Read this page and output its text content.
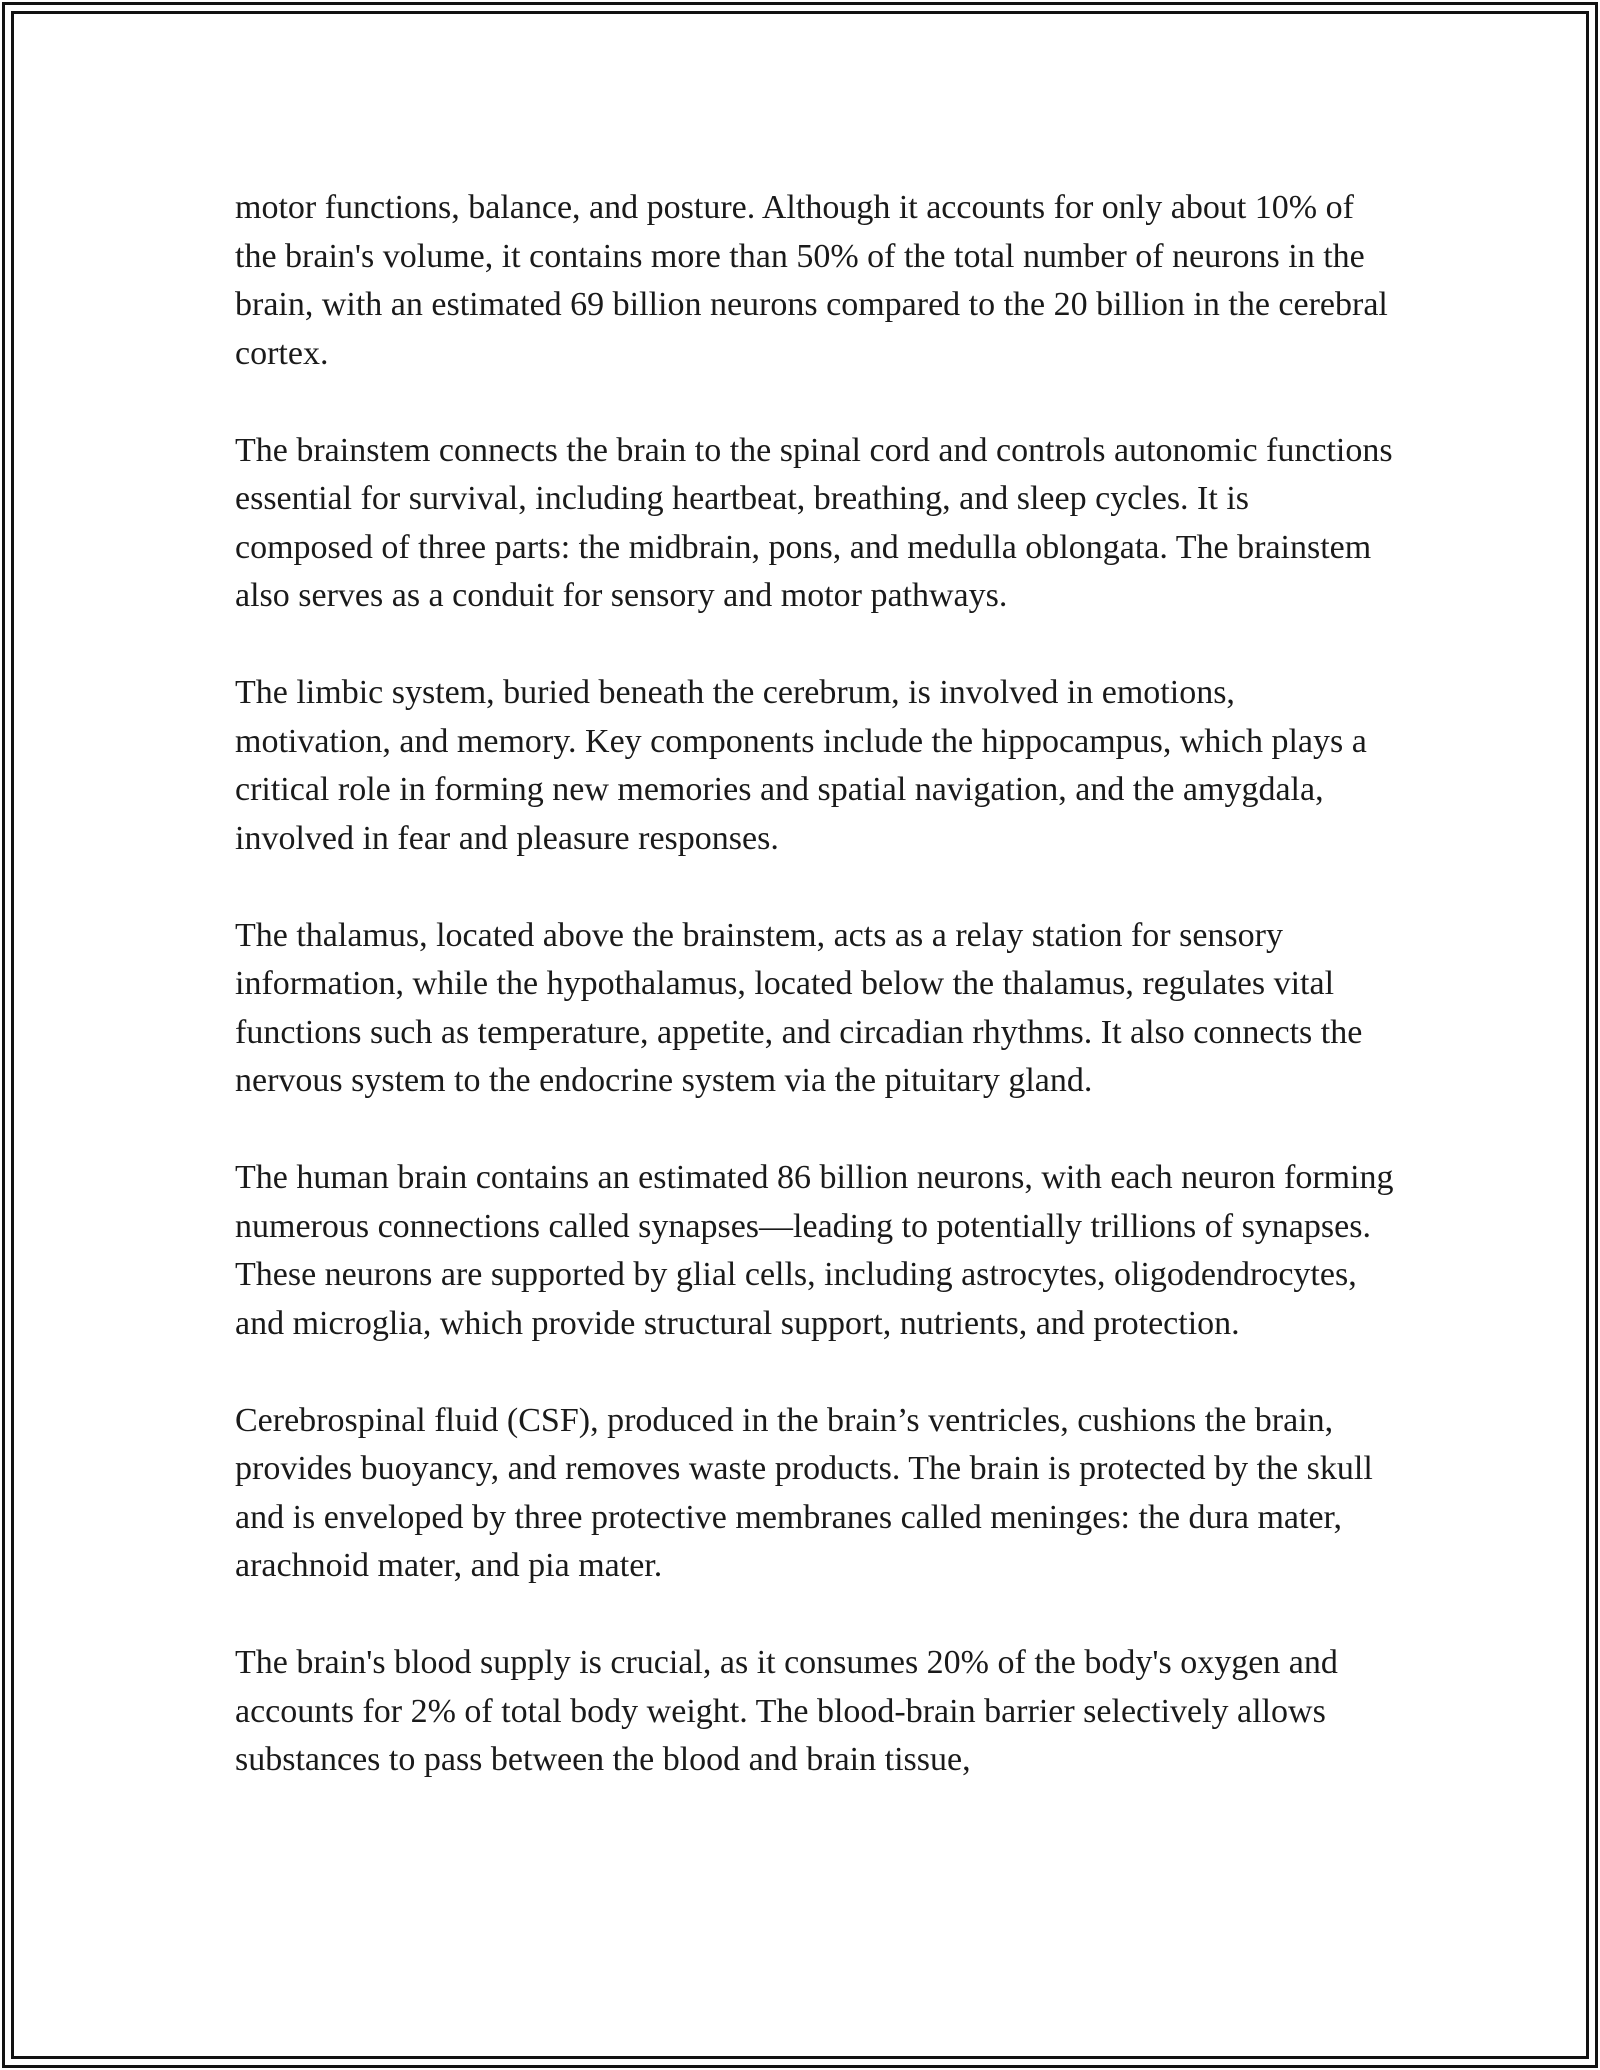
motor functions, balance, and posture. Although it accounts for only about 10% of the brain's volume, it contains more than 50% of the total number of neurons in the brain, with an estimated 69 billion neurons compared to the 20 billion in the cerebral cortex.

The brainstem connects the brain to the spinal cord and controls autonomic functions essential for survival, including heartbeat, breathing, and sleep cycles. It is composed of three parts: the midbrain, pons, and medulla oblongata. The brainstem also serves as a conduit for sensory and motor pathways.

The limbic system, buried beneath the cerebrum, is involved in emotions, motivation, and memory. Key components include the hippocampus, which plays a critical role in forming new memories and spatial navigation, and the amygdala, involved in fear and pleasure responses.

The thalamus, located above the brainstem, acts as a relay station for sensory information, while the hypothalamus, located below the thalamus, regulates vital functions such as temperature, appetite, and circadian rhythms. It also connects the nervous system to the endocrine system via the pituitary gland.

The human brain contains an estimated 86 billion neurons, with each neuron forming numerous connections called synapses—leading to potentially trillions of synapses. These neurons are supported by glial cells, including astrocytes, oligodendrocytes, and microglia, which provide structural support, nutrients, and protection.

Cerebrospinal fluid (CSF), produced in the brain’s ventricles, cushions the brain, provides buoyancy, and removes waste products. The brain is protected by the skull and is enveloped by three protective membranes called meninges: the dura mater, arachnoid mater, and pia mater.

The brain's blood supply is crucial, as it consumes 20% of the body's oxygen and accounts for 2% of total body weight. The blood-brain barrier selectively allows substances to pass between the blood and brain tissue,
